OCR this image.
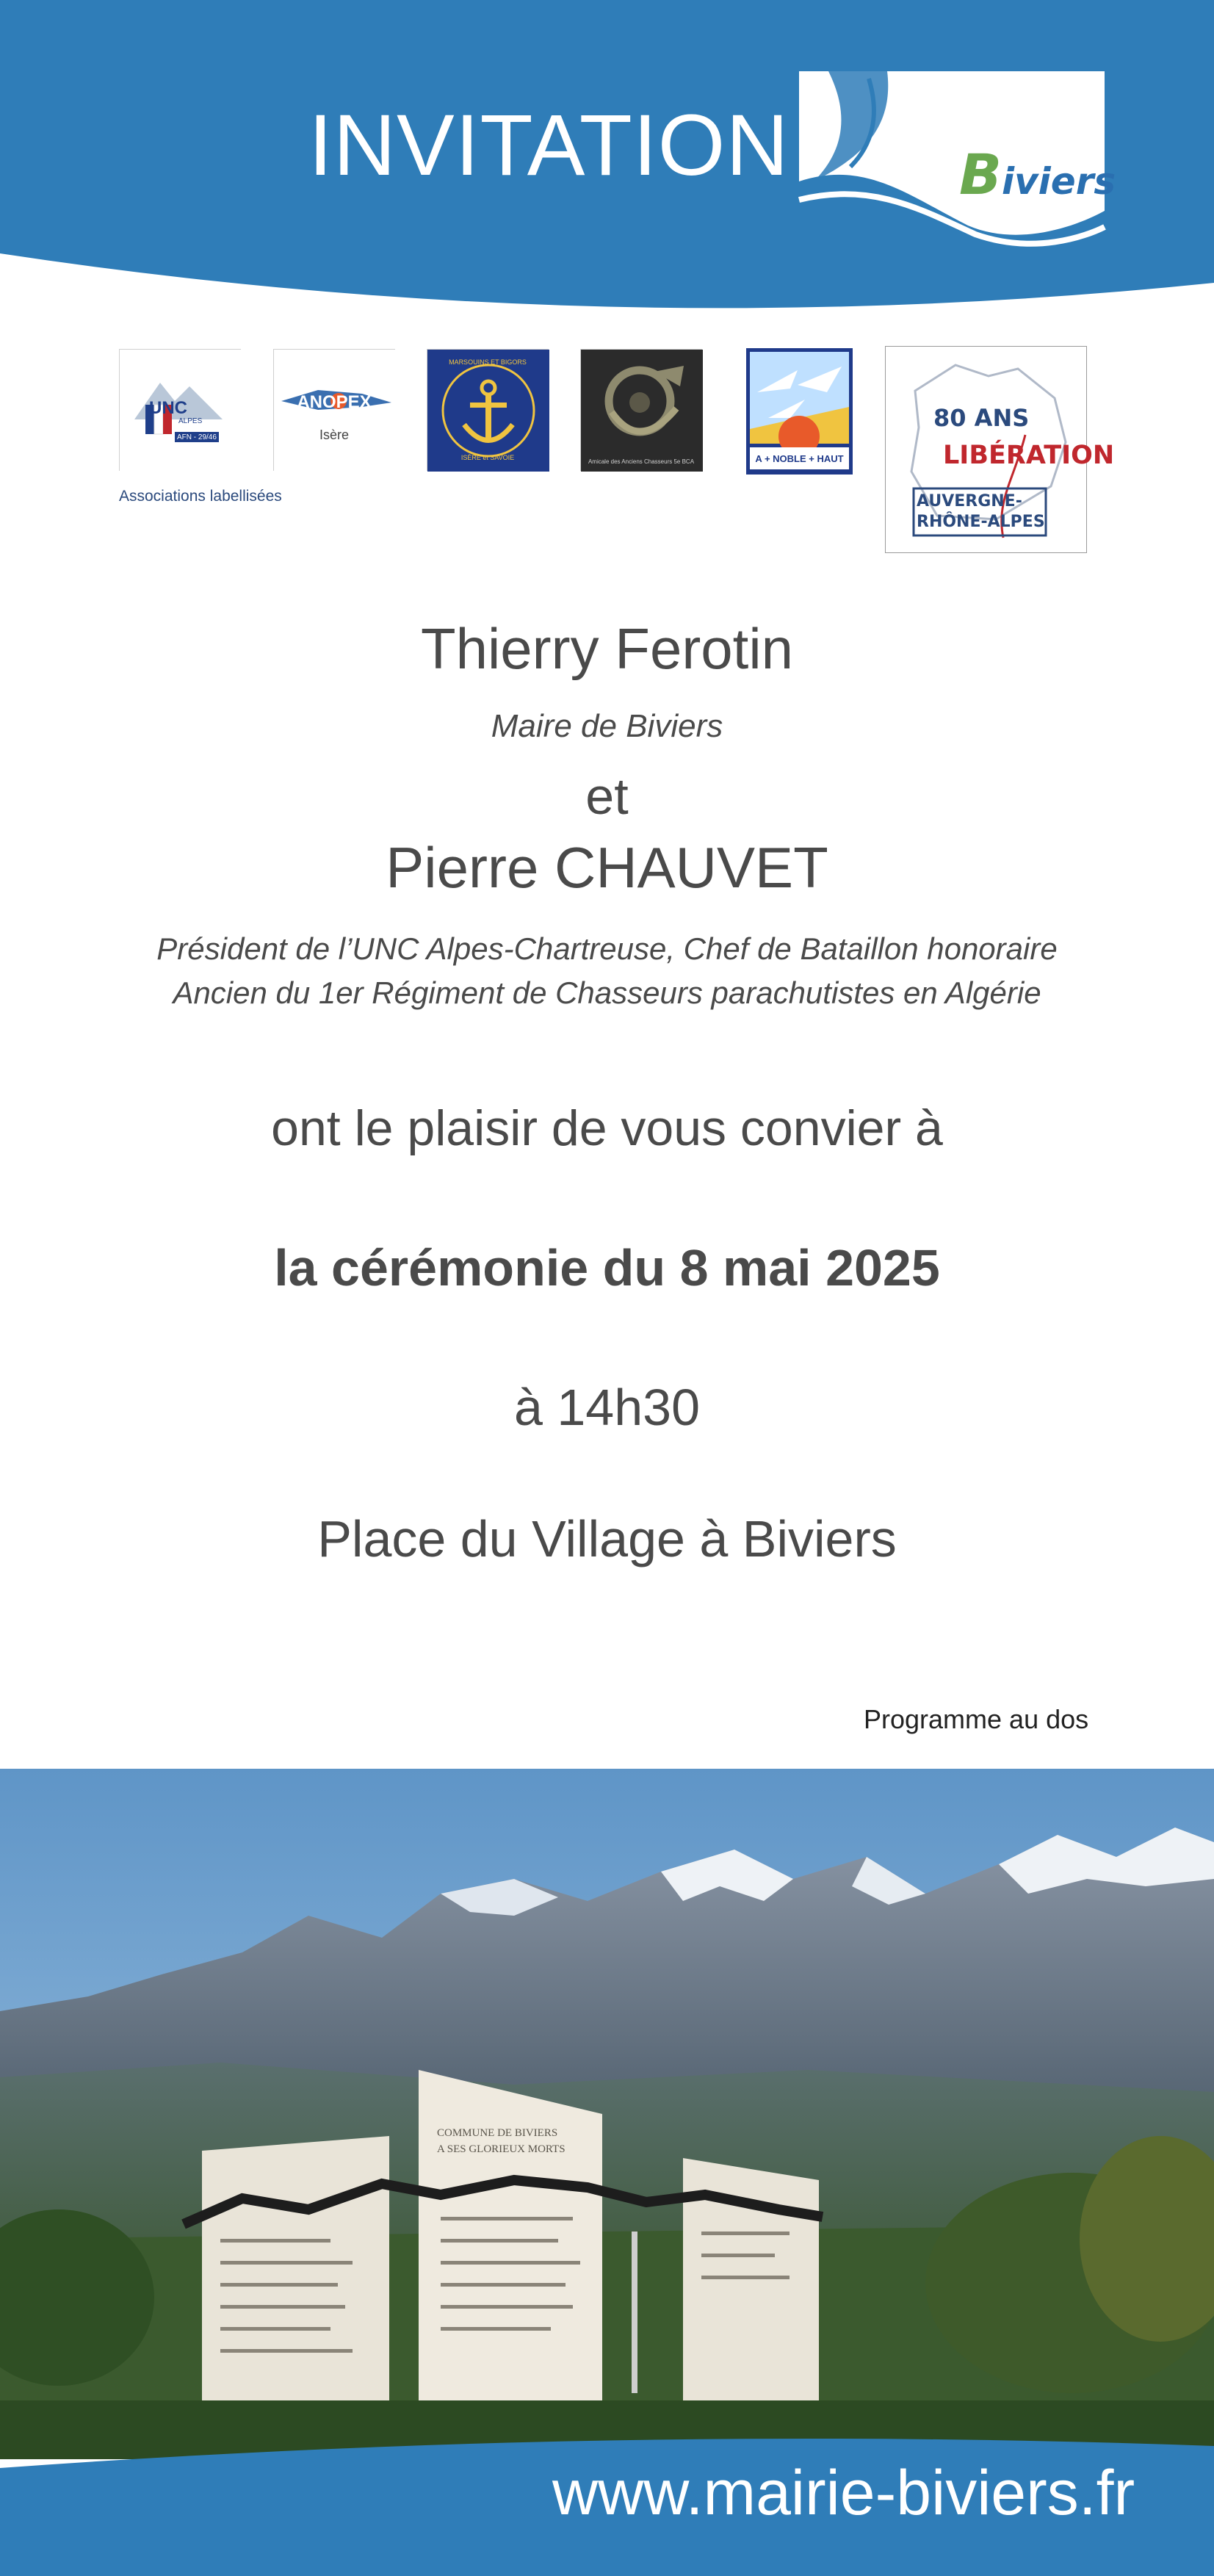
INVITATION	Biviers
UNC
ALPES
AFN - 29/46
ANOPEX
Isère
MARSOUINS ET BIGORS
ISÈRE et SAVOIE
Amicale des Anciens Chasseurs 5e BCA	A + NOBLE + HAUT
Associations labellisées
80 ANS
LIBÉRATION
AUVERGNE-
RHÔNE-ALPES
Thierry Ferotin
Maire de Biviers
et
Pierre CHAUVET
Président de l’UNC Alpes-Chartreuse, Chef de Bataillon honoraire
Ancien du 1er Régiment de Chasseurs parachutistes en Algérie
ont le plaisir de vous convier à
la cérémonie du 8 mai 2025
à 14h30
Place du Village à Biviers
Programme au dos
COMMUNE DE BIVIERS
A SES GLORIEUX MORTS
www.mairie-biviers.fr
